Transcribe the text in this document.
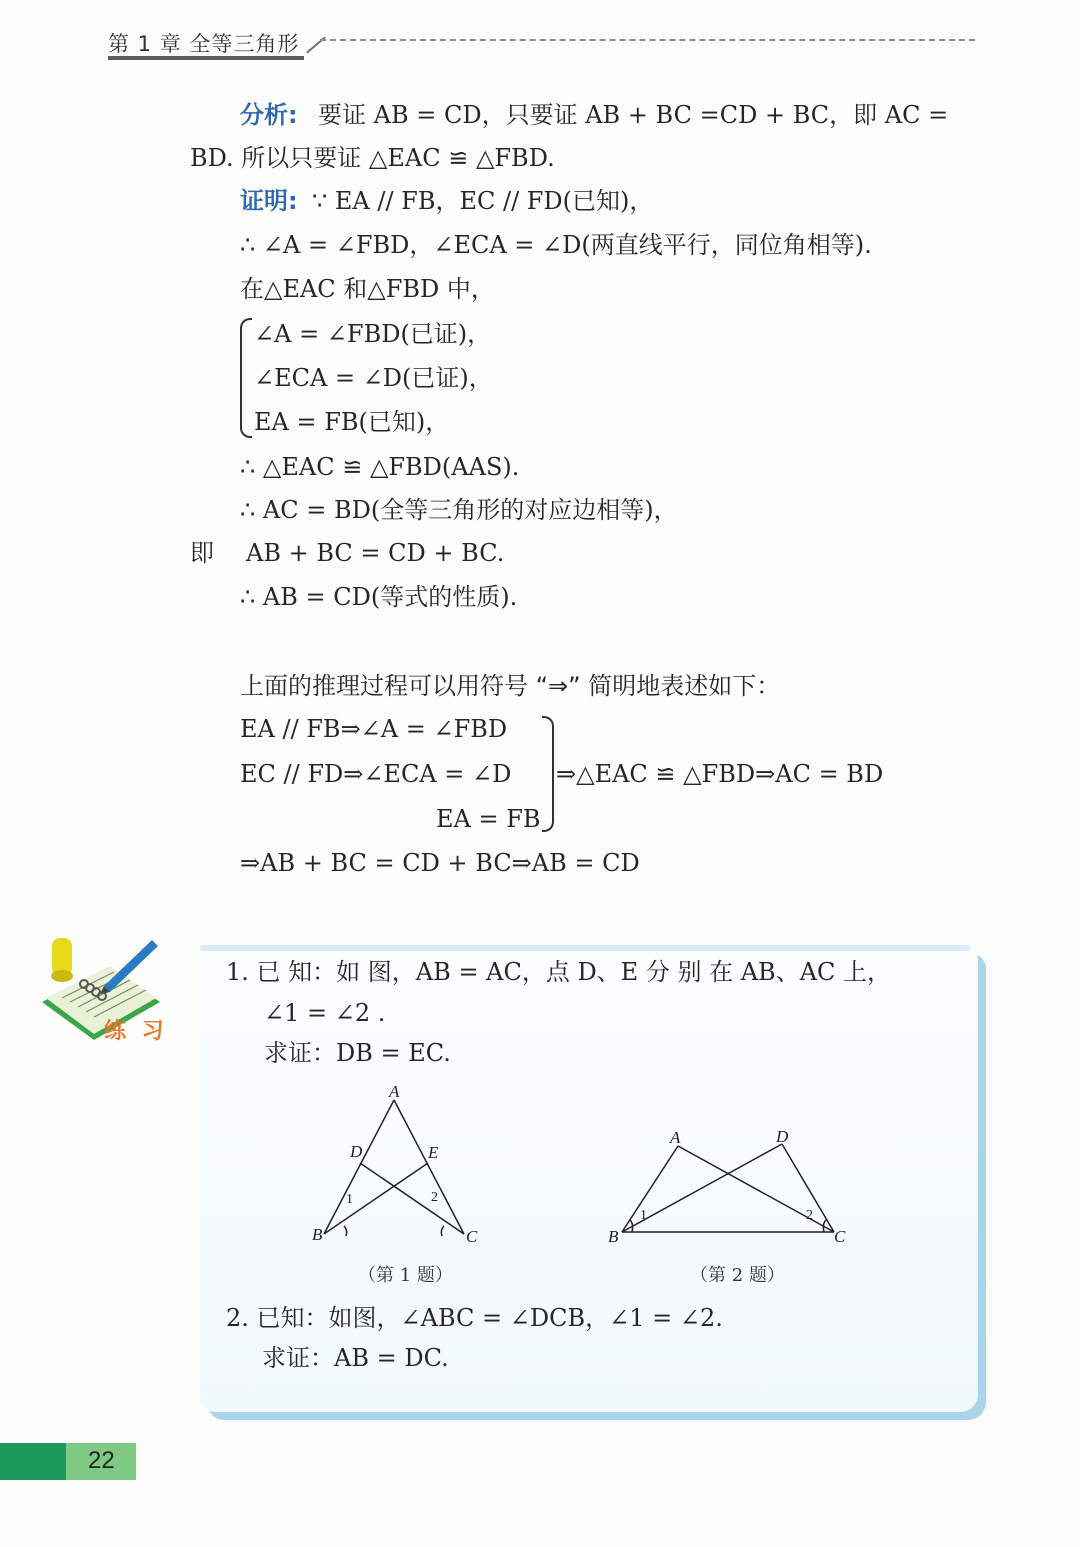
第 1 章 全等三角形
分析: 要证 AB = CD，只要证 AB + BC =CD + BC，即 AC =
BD. 所以只要证 △EAC ≌ △FBD.
证明: ∵ EA // FB，EC // FD(已知)，
∴ ∠A = ∠FBD，∠ECA = ∠D(两直线平行，同位角相等).
在△EAC 和△FBD 中，
∠A = ∠FBD(已证)，
∠ECA = ∠D(已证)，
EA = FB(已知)，
∴ △EAC ≌ △FBD(AAS).
∴ AC = BD(全等三角形的对应边相等)，
即 AB + BC = CD + BC.
∴ AB = CD(等式的性质).
上面的推理过程可以用符号 “⇒” 简明地表述如下：
EA // FB⇒∠A = ∠FBD
EC // FD⇒∠ECA = ∠D
EA = FB
⇒△EAC ≌ △FBD⇒AC = BD
⇒AB + BC = CD + BC⇒AB = CD
练 习
1. 已 知：如 图，AB = AC，点 D、E 分 别 在 AB、AC 上，
∠1 = ∠2 .
求证：DB = EC.
A
B	C
D	E
1	2
（第 1 题）
A
B	C
D
1	2
（第 2 题）
2. 已知：如图，∠ABC = ∠DCB，∠1 = ∠2.
求证：AB = DC.
22
